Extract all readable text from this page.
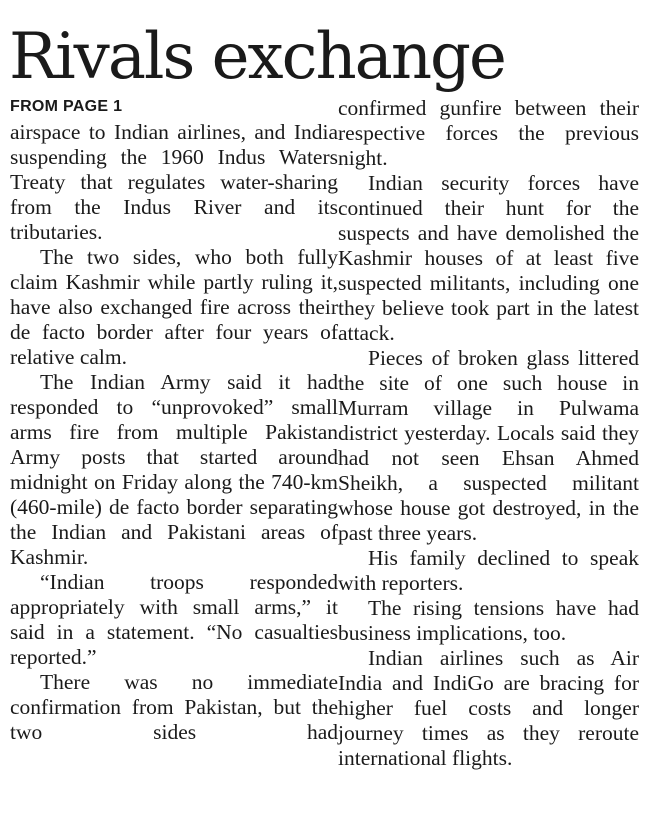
Rivals exchange
FROM PAGE 1

airspace to Indian airlines, and India suspending the 1960 Indus Waters Treaty that regulates water-sharing from the Indus River and its tributaries.

The two sides, who both fully claim Kashmir while partly ruling it, have also exchanged fire across their de facto border after four years of relative calm.

The Indian Army said it had responded to “unprovoked” small arms fire from multiple Pakistan Army posts that started around midnight on Friday along the 740-km (460-mile) de facto border separating the Indian and Pakistani areas of Kashmir.

“Indian troops responded appropriately with small arms,” it said in a statement. “No casualties reported.”

There was no immediate confirmation from Pakistan, but the two sides had

confirmed gunfire between their respective forces the previous night.

Indian security forces have continued their hunt for the suspects and have demolished the Kashmir houses of at least five suspected militants, including one they believe took part in the latest attack.

Pieces of broken glass littered the site of one such house in Murram village in Pulwama district yesterday. Locals said they had not seen Ehsan Ahmed Sheikh, a suspected militant whose house got destroyed, in the past three years.

His family declined to speak with reporters.

The rising tensions have had business implications, too.

Indian airlines such as Air India and IndiGo are bracing for higher fuel costs and longer journey times as they reroute international flights.
